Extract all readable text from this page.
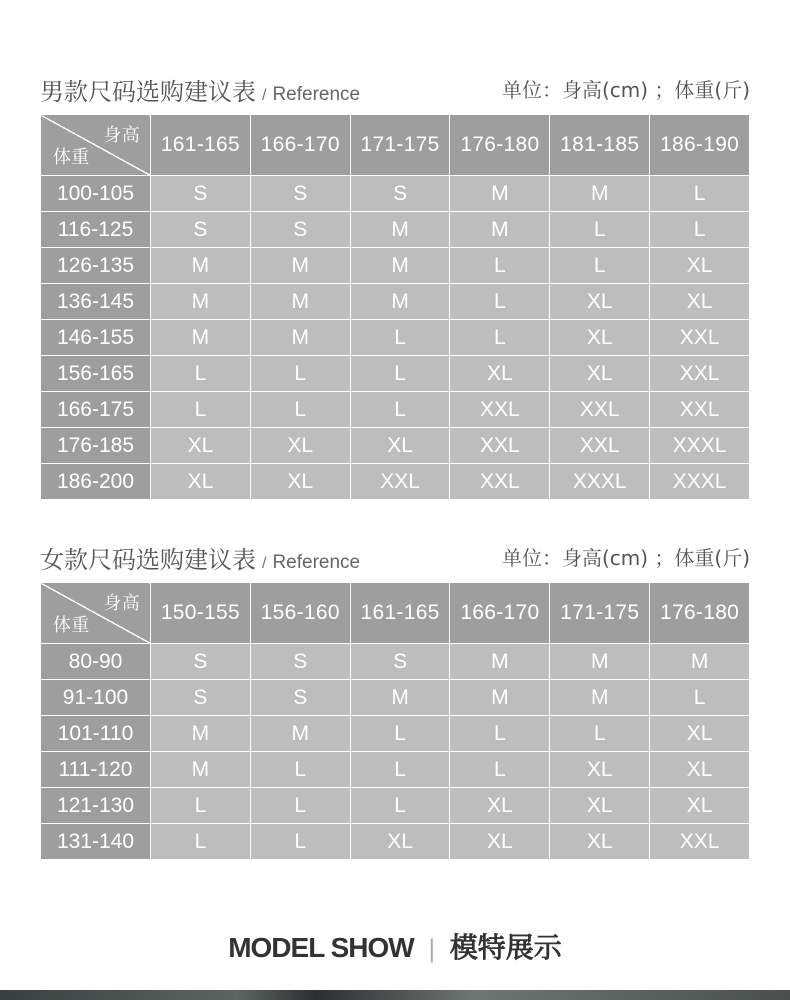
男款尺码选购建议表 / Reference	单位：身高(cm) ；体重(斤)
身高
体重	161-165	166-170	171-175	176-180	181-185	186-190
100-105	S	S	S	M	M	L
116-125	S	S	M	M	L	L
126-135	M	M	M	L	L	XL
136-145	M	M	M	L	XL	XL
146-155	M	M	L	L	XL	XXL
156-165	L	L	L	XL	XL	XXL
166-175	L	L	L	XXL	XXL	XXL
176-185	XL	XL	XL	XXL	XXL	XXXL
186-200	XL	XL	XXL	XXL	XXXL	XXXL
女款尺码选购建议表 / Reference	单位：身高(cm) ；体重(斤)
身高
体重	150-155	156-160	161-165	166-170	171-175	176-180
80-90	S	S	S	M	M	M
91-100	S	S	M	M	M	L
101-110	M	M	L	L	L	XL
111-120	M	L	L	L	XL	XL
121-130	L	L	L	XL	XL	XL
131-140	L	L	XL	XL	XL	XXL
MODEL SHOW | 模特展示
